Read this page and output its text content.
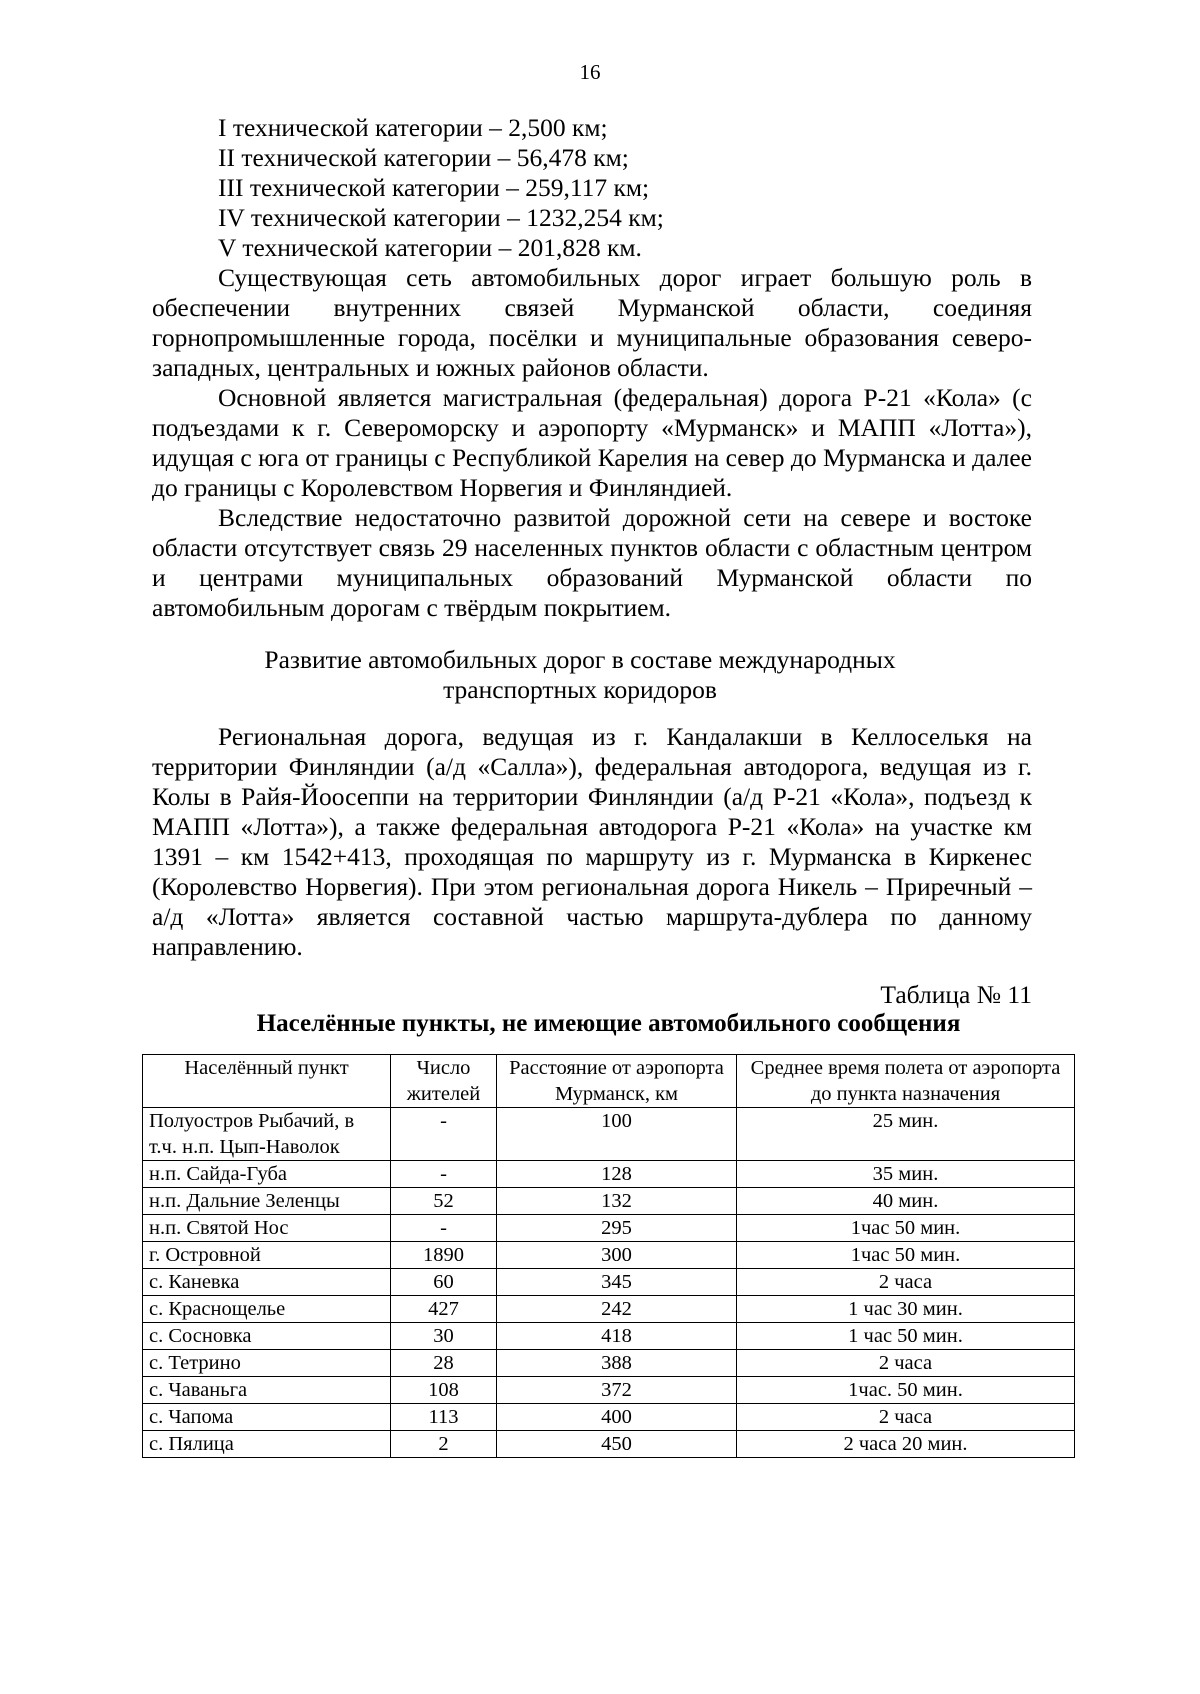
16
I технической категории – 2,500 км;
II технической категории – 56,478 км;
III технической категории – 259,117 км;
IV технической категории – 1232,254 км;
V технической категории – 201,828 км.

Существующая сеть автомобильных дорог играет большую роль в обеспечении внутренних связей Мурманской области, соединяя горнопромышленные города, посёлки и муниципальные образования северо-западных, центральных и южных районов области.

Основной является магистральная (федеральная) дорога Р-21 «Кола» (с подъездами к г. Североморску и аэропорту «Мурманск» и МАПП «Лотта»), идущая с юга от границы с Республикой Карелия на север до Мурманска и далее до границы с Королевством Норвегия и Финляндией.

Вследствие недостаточно развитой дорожной сети на севере и востоке области отсутствует связь 29 населенных пунктов области с областным центром и центрами муниципальных образований Мурманской области по автомобильным дорогам с твёрдым покрытием.

Развитие автомобильных дорог в составе международных
транспортных коридоров

Региональная дорога, ведущая из г. Кандалакши в Келлоселькя на территории Финляндии (а/д «Салла»), федеральная автодорога, ведущая из г. Колы в Райя-Йоосеппи на территории Финляндии (а/д Р-21 «Кола», подъезд к МАПП «Лотта»), а также федеральная автодорога Р-21 «Кола» на участке км 1391 – км 1542+413, проходящая по маршруту из г. Мурманска в Киркенес (Королевство Норвегия). При этом региональная дорога Никель – Приречный – а/д «Лотта» является составной частью маршрута-дублера по данному направлению.

Таблица № 11
Населённые пункты, не имеющие автомобильного сообщения
Населённый пункт	Число жителей	Расстояние от аэропорта Мурманск, км	Среднее время полета от аэропорта до пункта назначения
Полуостров Рыбачий, в т.ч. н.п. Цып-Наволок	-	100	25 мин.
н.п. Сайда-Губа	-	128	35 мин.
н.п. Дальние Зеленцы	52	132	40 мин.
н.п. Святой Нос	-	295	1час 50 мин.
г. Островной	1890	300	1час 50 мин.
с. Каневка	60	345	2 часа
с. Краснощелье	427	242	1 час 30 мин.
с. Сосновка	30	418	1 час 50 мин.
с. Тетрино	28	388	2 часа
с. Чаваньга	108	372	1час. 50 мин.
с. Чапома	113	400	2 часа
с. Пялица	2	450	2 часа 20 мин.
